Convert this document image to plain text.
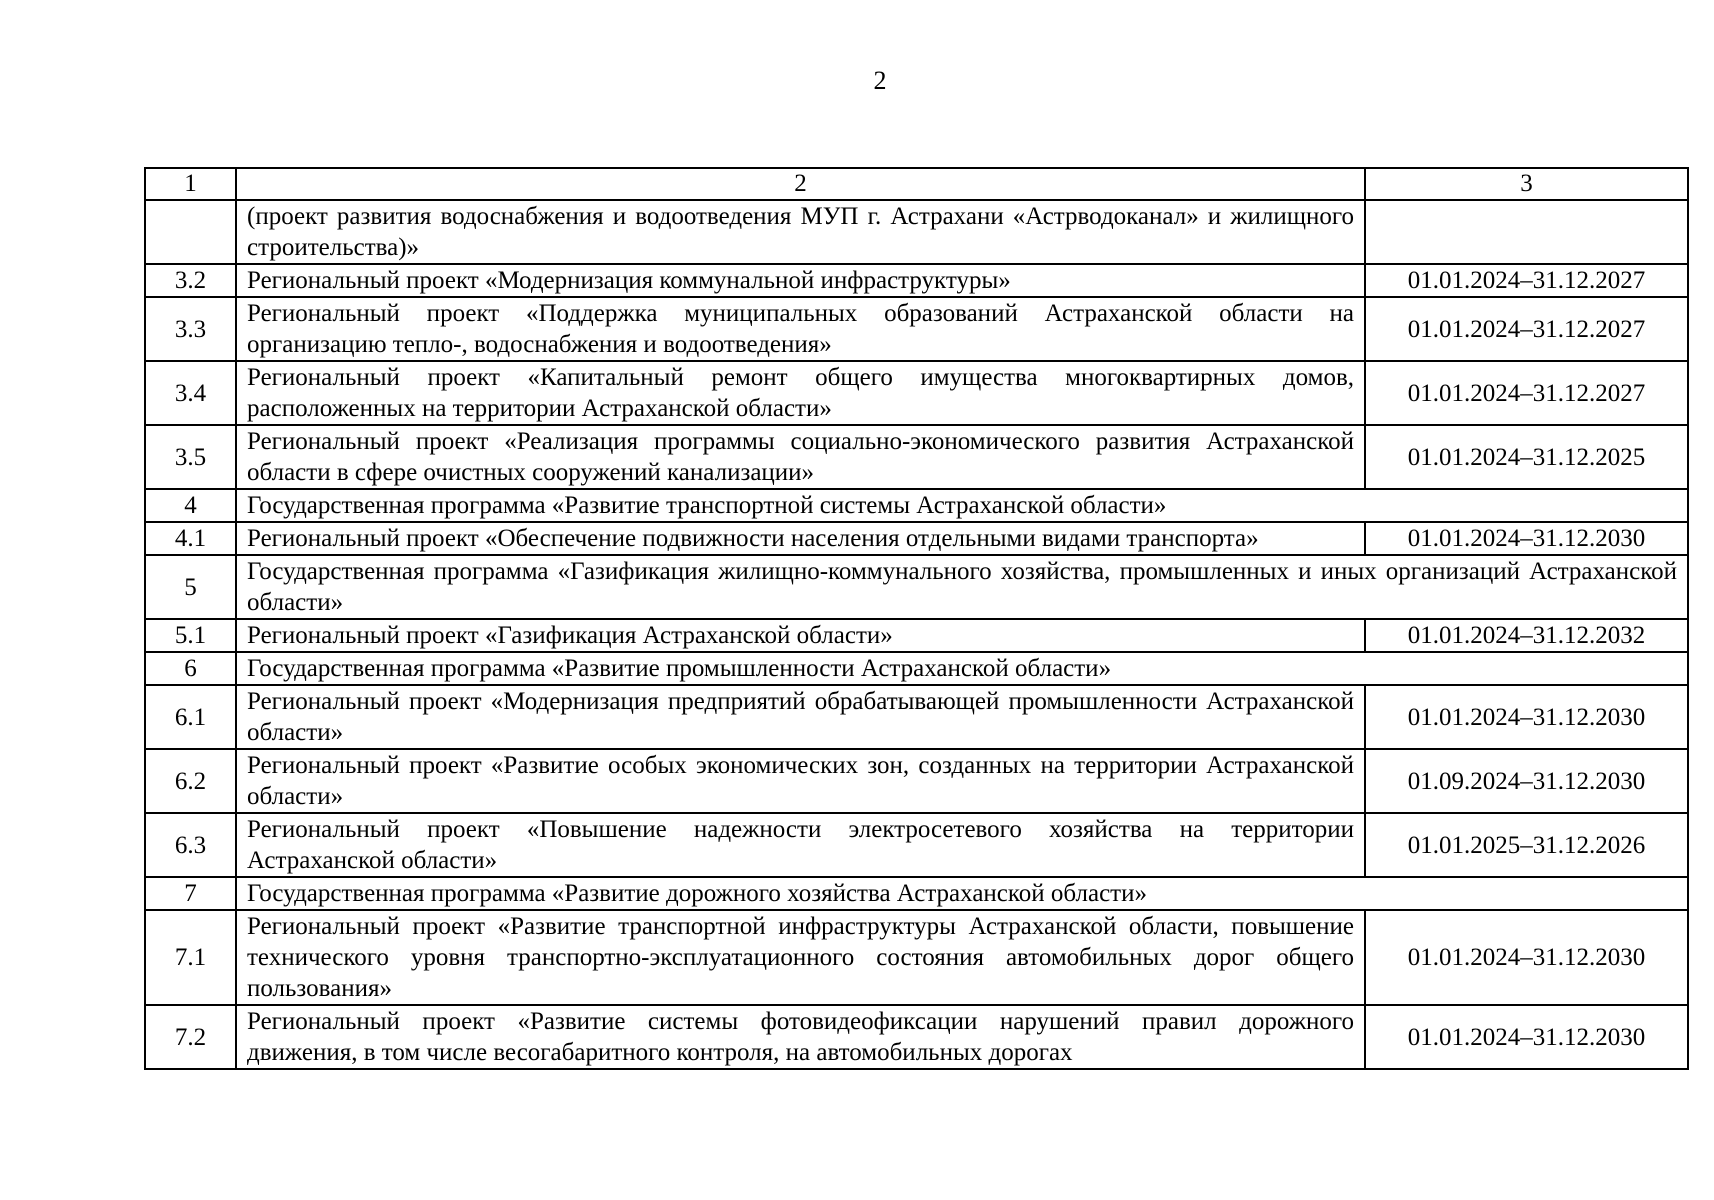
2
1	2	3
	(проект развития водоснабжения и водоотведения МУП г. Астрахани «Астрводоканал» и жилищного строительства)»	
3.2	Региональный проект «Модернизация коммунальной инфраструктуры»	01.01.2024–31.12.2027
3.3	Региональный проект «Поддержка муниципальных образований Астраханской области на организацию тепло-, водоснабжения и водоотведения»	01.01.2024–31.12.2027
3.4	Региональный проект «Капитальный ремонт общего имущества многоквартирных домов, расположенных на территории Астраханской области»	01.01.2024–31.12.2027
3.5	Региональный проект «Реализация программы социально-экономического развития Астраханской области в сфере очистных сооружений канализации»	01.01.2024–31.12.2025
4	Государственная программа «Развитие транспортной системы Астраханской области»	
4.1	Региональный проект «Обеспечение подвижности населения отдельными видами транспорта»	01.01.2024–31.12.2030
5	Государственная программа «Газификация жилищно-коммунального хозяйства, промышленных и иных организаций Астраханской области»	
5.1	Региональный проект «Газификация Астраханской области»	01.01.2024–31.12.2032
6	Государственная программа «Развитие промышленности Астраханской области»	
6.1	Региональный проект «Модернизация предприятий обрабатывающей промышленности Астраханской области»	01.01.2024–31.12.2030
6.2	Региональный проект «Развитие особых экономических зон, созданных на территории Астраханской области»	01.09.2024–31.12.2030
6.3	Региональный проект «Повышение надежности электросетевого хозяйства на территории Астраханской области»	01.01.2025–31.12.2026
7	Государственная программа «Развитие дорожного хозяйства Астраханской области»	
7.1	Региональный проект «Развитие транспортной инфраструктуры Астраханской области, повышение технического уровня транспортно-эксплуатационного состояния автомобильных дорог общего пользования»	01.01.2024–31.12.2030
7.2	Региональный проект «Развитие системы фотовидеофиксации нарушений правил дорожного движения, в том числе весогабаритного контроля, на автомобильных дорогах	01.01.2024–31.12.2030
